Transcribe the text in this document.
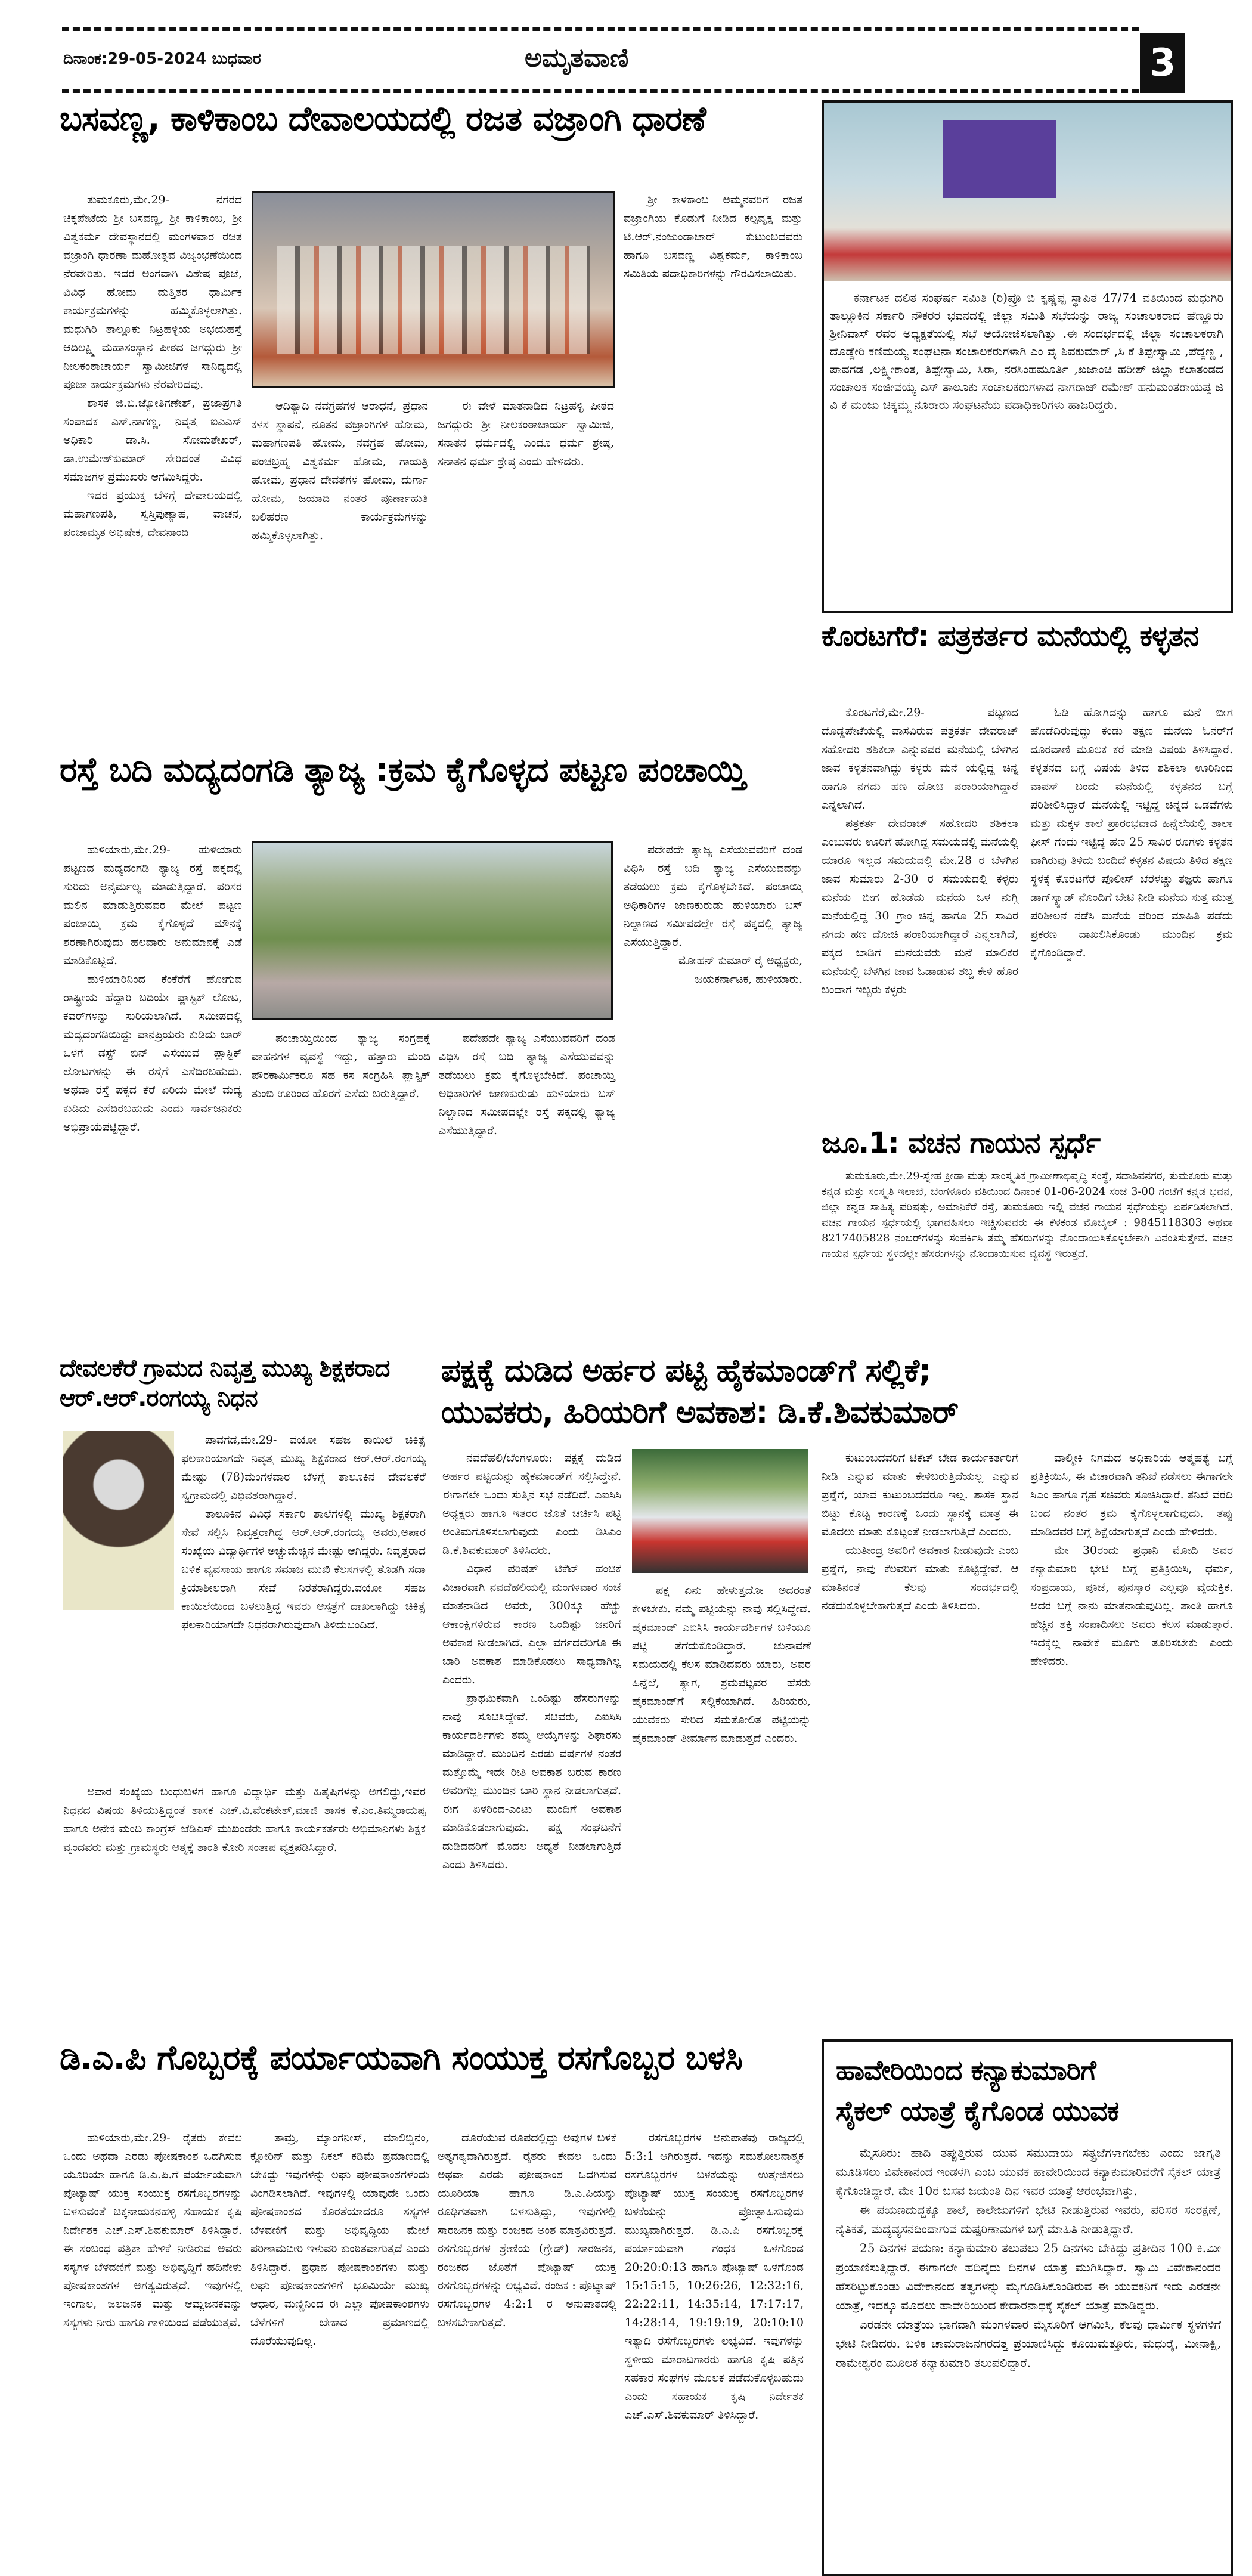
ದಿನಾಂಕ:29-05-2024 ಬುಧವಾರ	ಅಮೃತವಾಣಿ	3
ಬಸವಣ್ಣ, ಕಾಳಿಕಾಂಬ ದೇವಾಲಯದಲ್ಲಿ ರಜತ ವಜ್ರಾಂಗಿ ಧಾರಣೆ

ತುಮಕೂರು,ಮೇ.29- ನಗರದ ಚಿಕ್ಕಪೇಟೆಯ ಶ್ರೀ ಬಸವಣ್ಣ, ಶ್ರೀ ಕಾಳಿಕಾಂಬ, ಶ್ರೀ ವಿಶ್ವಕರ್ಮ ದೇವಸ್ಥಾನದಲ್ಲಿ ಮಂಗಳವಾರ ರಜತ ವಜ್ರಾಂಗಿ ಧಾರಣಾ ಮಹೋತ್ಸವ ವಿಜೃಂಭಣೆಯಿಂದ ನೆರವೇರಿತು. ಇದರ ಅಂಗವಾಗಿ ವಿಶೇಷ ಪೂಜೆ, ವಿವಿಧ ಹೋಮ ಮತ್ತಿತರ ಧಾರ್ಮಿಕ ಕಾರ್ಯಕ್ರಮಗಳನ್ನು ಹಮ್ಮಿಕೊಳ್ಳಲಾಗಿತ್ತು. ಮಧುಗಿರಿ ತಾಲ್ಲೂಕು ನಿಟ್ರಹಳ್ಳಿಯ ಅಭಯಹಸ್ತೆ ಆದಿಲಕ್ಷ್ಮಿ ಮಹಾಸಂಸ್ಥಾನ ಪೀಠದ ಜಗದ್ಗುರು ಶ್ರೀ ನೀಲಕಂಠಾಚಾರ್ಯ ಸ್ವಾಮೀಜಿಗಳ ಸಾನಿಧ್ಯದಲ್ಲಿ ಪೂಜಾ ಕಾರ್ಯಕ್ರಮಗಳು ನೆರವೇರಿದವು.

ಶಾಸಕ ಜಿ.ಬಿ.ಜ್ಯೋತಿಗಣೇಶ್, ಪ್ರಜಾಪ್ರಗತಿ ಸಂಪಾದಕ ಎಸ್.ನಾಗಣ್ಣ, ನಿವೃತ್ತ ಐಎಎಸ್ ಅಧಿಕಾರಿ ಡಾ.ಸಿ. ಸೋಮಶೇಖರ್, ಡಾ.ಉಮೇಶ್‌ಕುಮಾರ್ ಸೇರಿದಂತೆ ವಿವಿಧ ಸಮಾಜಗಳ ಪ್ರಮುಖರು ಆಗಮಿಸಿದ್ದರು.

ಇದರ ಪ್ರಯುಕ್ತ ಬೆಳಿಗ್ಗೆ ದೇವಾಲಯದಲ್ಲಿ ಮಹಾಗಣಪತಿ, ಸ್ವಸ್ತಿಪುಣ್ಯಾಹ, ವಾಚನ, ಪಂಚಾಮೃತ ಅಭಿಷೇಕ, ದೇವನಾಂದಿ

ಆದಿತ್ಯಾದಿ ನವಗ್ರಹಗಳ ಆರಾಧನೆ, ಪ್ರಧಾನ ಕಳಸ ಸ್ಥಾಪನೆ, ನೂತನ ವಜ್ರಾಂಗಿಗಳ ಹೋಮ, ಮಹಾಗಣಪತಿ ಹೋಮ, ನವಗ್ರಹ ಹೋಮ, ಪಂಚಬ್ರಹ್ಮ ವಿಶ್ವಕರ್ಮ ಹೋಮ, ಗಾಯತ್ರಿ ಹೋಮ, ಪ್ರಧಾನ ದೇವತೆಗಳ ಹೋಮ, ದುರ್ಗಾ ಹೋಮ, ಜಯಾದಿ ನಂತರ ಪೂರ್ಣಾಹುತಿ ಬಲಿಹರಣ ಕಾರ್ಯಕ್ರಮಗಳನ್ನು ಹಮ್ಮಿಕೊಳ್ಳಲಾಗಿತ್ತು.

ಈ ವೇಳೆ ಮಾತನಾಡಿದ ನಿಟ್ರಹಳ್ಳಿ ಪೀಠದ ಜಗದ್ಗುರು ಶ್ರೀ ನೀಲಕಂಠಾಚಾರ್ಯ ಸ್ವಾಮೀಜಿ, ಸನಾತನ ಧರ್ಮದಲ್ಲಿ ಎಂದೂ ಧರ್ಮ ಶ್ರೇಷ್ಠ, ಸನಾತನ ಧರ್ಮ ಶ್ರೇಷ್ಠ ಎಂದು ಹೇಳಿದರು.

ಶ್ರೀ ಕಾಳಿಕಾಂಬ ಅಮ್ಮನವರಿಗೆ ರಜತ ವಜ್ರಾಂಗಿಯ ಕೊಡುಗೆ ನೀಡಿದ ಕಲ್ಪವೃಕ್ಷ ಮತ್ತು ಟಿ.ಆರ್.ನಂಜುಂಡಾಚಾರ್ ಕುಟುಂಬದವರು ಹಾಗೂ ಬಸವಣ್ಣ ವಿಶ್ವಕರ್ಮ, ಕಾಳಿಕಾಂಬ ಸಮಿತಿಯ ಪದಾಧಿಕಾರಿಗಳನ್ನು ಗೌರವಿಸಲಾಯಿತು.

ಕರ್ನಾಟಕ ದಲಿತ ಸಂಘರ್ಷ ಸಮಿತಿ (ರಿ)ಪ್ರೊ ಬಿ ಕೃಷ್ಣಪ್ಪ ಸ್ಥಾಪಿತ 47/74 ವತಿಯಿಂದ ಮಧುಗಿರಿ ತಾಲ್ಲೂಕಿನ ಸರ್ಕಾರಿ ನೌಕರರ ಭವನದಲ್ಲಿ ಜಿಲ್ಲಾ ಸಮಿತಿ ಸಭೆಯನ್ನು ರಾಜ್ಯ ಸಂಚಾಲಕರಾದ ಹೆಣ್ಣೂರು ಶ್ರೀನಿವಾಸ್ ರವರ ಅಧ್ಯಕ್ಷತೆಯಲ್ಲಿ ಸಭೆ ಆಯೋಜಿಸಲಾಗಿತ್ತು .ಈ ಸಂದರ್ಭದಲ್ಲಿ ಜಿಲ್ಲಾ ಸಂಚಾಲಕರಾಗಿ ದೊಡ್ಡೇರಿ ಕಣಿಮಯ್ಯ ಸಂಘಟನಾ ಸಂಚಾಲಕರುಗಳಾಗಿ ಎಂ ವೈ ಶಿವಕುಮಾರ್ ,ಸಿ ಕೆ ತಿಪ್ಪೇಸ್ವಾಮಿ ,ಪೆದ್ದಣ್ಣ , ಪಾವಗಡ ,ಲಕ್ಷ್ಮೀಕಾಂತ, ತಿಪ್ಪೇಸ್ವಾಮಿ, ಸಿರಾ, ನರಸಿಂಹಮೂರ್ತಿ ,ಖಜಾಂಚಿ ಹರೀಶ್ ಜಿಲ್ಲಾ ಕಲಾತಂಡದ ಸಂಚಾಲಕ ಸಂಜೀವಯ್ಯ ಎಸ್ ತಾಲೂಕು ಸಂಚಾಲಕರುಗಳಾದ ನಾಗರಾಜ್ ರಮೇಶ್ ಹನುಮಂತರಾಯಪ್ಪ ಜಿ ವಿ ಕ ಮಂಜು ಚಿಕ್ಕಮ್ಮ ನೂರಾರು ಸಂಘಟನೆಯ ಪದಾಧಿಕಾರಿಗಳು ಹಾಜರಿದ್ದರು.

ಕೊರಟಗೆರೆ: ಪತ್ರಕರ್ತರ ಮನೆಯಲ್ಲಿ ಕಳ್ಳತನ

ಕೊರಟಗೆರೆ,ಮೇ.29- ಪಟ್ಟಣದ ದೊಡ್ಡಪೇಟೆಯಲ್ಲಿ ವಾಸವಿರುವ ಪತ್ರಕರ್ತ ದೇವರಾಜ್ ಸಹೋದರಿ ಶಶಿಕಲಾ ಎನ್ನುವವರ ಮನೆಯಲ್ಲಿ ಬೆಳಗಿನ ಜಾವ ಕಳ್ಳತನವಾಗಿದ್ದು ಕಳ್ಳರು ಮನೆ ಯಲ್ಲಿದ್ದ ಚಿನ್ನ ಹಾಗೂ ನಗದು ಹಣ ದೋಚಿ ಪರಾರಿಯಾಗಿದ್ದಾರೆ ಎನ್ನಲಾಗಿದೆ.

ಪತ್ರಕರ್ತ ದೇವರಾಜ್ ಸಹೋದರಿ ಶಶಿಕಲಾ ಎಂಬುವರು ಊರಿಗೆ ಹೋಗಿದ್ದ ಸಮಯದಲ್ಲಿ ಮನೆಯಲ್ಲಿ ಯಾರೂ ಇಲ್ಲದ ಸಮಯದಲ್ಲಿ ಮೇ.28 ರ ಬೆಳಗಿನ ಜಾವ ಸುಮಾರು 2-30 ರ ಸಮಯದಲ್ಲಿ ಕಳ್ಳರು ಮನೆಯ ಬೀಗ ಹೊಡೆದು ಮನೆಯ ಒಳ ನುಗ್ಗಿ ಮನೆಯಲ್ಲಿದ್ದ 30 ಗ್ರಾಂ ಚಿನ್ನ ಹಾಗೂ 25 ಸಾವಿರ ನಗದು ಹಣ ದೋಚಿ ಪರಾರಿಯಾಗಿದ್ದಾರೆ ಎನ್ನಲಾಗಿದೆ, ಪಕ್ಕದ ಬಾಡಿಗೆ ಮನೆಯವರು ಮನೆ ಮಾಲಿಕರ ಮನೆಯಲ್ಲಿ ಬೆಳಗಿನ ಜಾವ ಓಡಾಡುವ ಶಬ್ದ ಕೇಳಿ ಹೊರ ಬಂದಾಗ ಇಬ್ಬರು ಕಳ್ಳರು

ಓಡಿ ಹೋಗಿದನ್ನು ಹಾಗೂ ಮನೆ ಬೀಗ ಹೊಡೆದಿರುವುದ್ದು ಕಂಡು ತಕ್ಷಣ ಮನೆಯ ಓನರ್‌ಗೆ ದೂರವಾಣಿ ಮೂಲಕ ಕರೆ ಮಾಡಿ ವಿಷಯ ತಿಳಿಸಿದ್ದಾರೆ. ಕಳ್ಳತನದ ಬಗ್ಗೆ ವಿಷಯ ತಿಳಿದ ಶಶಿಕಲಾ ಊರಿನಿಂದ ವಾಪಸ್ ಬಂದು ಮನೆಯಲ್ಲಿ ಕಳ್ಳತನದ ಬಗ್ಗೆ ಪರಿಶೀಲಿಸಿದ್ದಾರೆ ಮನೆಯಲ್ಲಿ ಇಟ್ಟಿದ್ದ ಚಿನ್ನದ ಒಡವೆಗಳು ಮತ್ತು ಮಕ್ಕಳ ಶಾಲೆ ಪ್ರಾರಂಭವಾದ ಹಿನ್ನೆಲೆಯಲ್ಲಿ ಶಾಲಾ ಫೀಸ್ ಗೆಂದು ಇಟ್ಟಿದ್ದ ಹಣ 25 ಸಾವಿರ ರೂಗಳು ಕಳ್ಳತನ ವಾಗಿರುವು ತಿಳಿದು ಬಂದಿದೆ ಕಳ್ಳತನ ವಿಷಯ ತಿಳಿದ ತಕ್ಷಣ ಸ್ಥಳಕ್ಕೆ ಕೊರಟಗೆರೆ ಪೊಲೀಸ್ ಬೆರಳಚ್ಚು ತಜ್ಞರು ಹಾಗೂ ಡಾಗ್‌ಸ್ಕ್ವಾಡ್ ನೊಂದಿಗೆ ಬೇಟಿ ನೀಡಿ ಮನೆಯ ಸುತ್ತ ಮುತ್ತ ಪರಿಶೀಲನೆ ನಡೆಸಿ ಮನೆಯ ವರಿಂದ ಮಾಹಿತಿ ಪಡೆದು ಪ್ರಕರಣ ದಾಖಲಿಸಿಕೊಂಡು ಮುಂದಿನ ಕ್ರಮ ಕೈಗೊಂಡಿದ್ದಾರೆ.

ರಸ್ತೆ ಬದಿ ಮದ್ಯದಂಗಡಿ ತ್ಯಾಜ್ಯ :ಕ್ರಮ ಕೈಗೊಳ್ಳದ ಪಟ್ಟಣ ಪಂಚಾಯ್ತಿ

ಹುಳಿಯಾರು,ಮೇ.29- ಹುಳಿಯಾರು ಪಟ್ಟಣದ ಮದ್ಯದಂಗಡಿ ತ್ಯಾಜ್ಯ ರಸ್ತೆ ಪಕ್ಕದಲ್ಲಿ ಸುರಿದು ಅನೈರ್ಮಲ್ಯ ಮಾಡುತ್ತಿದ್ದಾರೆ. ಪರಿಸರ ಮಲಿನ ಮಾಡುತ್ತಿರುವವರ ಮೇಲೆ ಪಟ್ಟಣ ಪಂಚಾಯ್ತಿ ಕ್ರಮ ಕೈಗೊಳ್ಳದೆ ಮೌನಕ್ಕೆ ಶರಣಾಗಿರುವುದು ಹಲವಾರು ಅನುಮಾನಕ್ಕೆ ಎಡೆ ಮಾಡಿಕೊಟ್ಟಿದೆ.

ಹುಳಿಯಾರಿನಿಂದ ಕೆಂಕೆರೆಗೆ ಹೋಗುವ ರಾಷ್ಟ್ರೀಯ ಹೆದ್ದಾರಿ ಬದಿಯೇ ಪ್ಲಾಸ್ಟಿಕ್ ಲೋಟ, ಕವರ್‌ಗಳನ್ನು ಸುರಿಯಲಾಗಿದೆ. ಸಮೀಪದಲ್ಲಿ ಮದ್ಯದಂಗಡಿಯಿದ್ದು ಪಾನಪ್ರಿಯರು ಕುಡಿದು ಬಾರ್ ಒಳಗೆ ಡಸ್ಟ್ ಬಿನ್ ಎಸೆಯುವ ಪ್ಲಾಸ್ಟಿಕ್ ಲೋಟಗಳನ್ನು ಈ ರಸ್ತೆಗೆ ಎಸೆದಿರಬಹುದು. ಅಥವಾ ರಸ್ತೆ ಪಕ್ಕದ ಕೆರೆ ಏರಿಯ ಮೇಲೆ ಮದ್ಯ ಕುಡಿದು ಎಸೆದಿರಬಹುದು ಎಂದು ಸಾರ್ವಜನಿಕರು ಅಭಿಪ್ರಾಯಪಟ್ಟಿದ್ದಾರೆ.

ಪಂಚಾಯ್ತಿಯಿಂದ ತ್ಯಾಜ್ಯ ಸಂಗ್ರಹಕ್ಕೆ ವಾಹನಗಳ ವ್ಯವಸ್ಥೆ ಇದ್ದು, ಹತ್ತಾರು ಮಂದಿ ಪೌರಕಾರ್ಮಿಕರೂ ಸಹ ಕಸ ಸಂಗ್ರಹಿಸಿ ಪ್ಲಾಸ್ಟಿಕ್ ತುಂಬಿ ಊರಿಂದ ಹೊರಗೆ ಎಸೆದು ಬರುತ್ತಿದ್ದಾರೆ.

ಪದೇಪದೇ ತ್ಯಾಜ್ಯ ಎಸೆಯುವವರಿಗೆ ದಂಡ ವಿಧಿಸಿ ರಸ್ತೆ ಬದಿ ತ್ಯಾಜ್ಯ ಎಸೆಯುವವನ್ನು ತಡೆಯಲು ಕ್ರಮ ಕೈಗೊಳ್ಳಬೇಕಿದೆ. ಪಂಚಾಯ್ತಿ ಅಧಿಕಾರಿಗಳ ಜಾಣಕುರುಡು ಹುಳಿಯಾರು ಬಸ್ ನಿಲ್ದಾಣದ ಸಮೀಪದಲ್ಲೇ ರಸ್ತೆ ಪಕ್ಕದಲ್ಲಿ ತ್ಯಾಜ್ಯ ಎಸೆಯುತ್ತಿದ್ದಾರೆ.

ಪದೇಪದೇ ತ್ಯಾಜ್ಯ ಎಸೆಯುವವರಿಗೆ ದಂಡ ವಿಧಿಸಿ ರಸ್ತೆ ಬದಿ ತ್ಯಾಜ್ಯ ಎಸೆಯುವವನ್ನು ತಡೆಯಲು ಕ್ರಮ ಕೈಗೊಳ್ಳಬೇಕಿದೆ. ಪಂಚಾಯ್ತಿ ಅಧಿಕಾರಿಗಳ ಜಾಣಕುರುಡು ಹುಳಿಯಾರು ಬಸ್ ನಿಲ್ದಾಣದ ಸಮೀಪದಲ್ಲೇ ರಸ್ತೆ ಪಕ್ಕದಲ್ಲಿ ತ್ಯಾಜ್ಯ ಎಸೆಯುತ್ತಿದ್ದಾರೆ.

ಮೋಹನ್ ಕುಮಾರ್ ರೈ ಅಧ್ಯಕ್ಷರು, ಜಯಕರ್ನಾಟಕ, ಹುಳಿಯಾರು.

ಜೂ.1: ವಚನ ಗಾಯನ ಸ್ಪರ್ಧೆ

ತುಮಕೂರು,ಮೇ.29-ಸ್ನೇಹ ಕ್ರೀಡಾ ಮತ್ತು ಸಾಂಸ್ಕೃತಿಕ ಗ್ರಾಮೀಣಾಭಿವೃದ್ಧಿ ಸಂಸ್ಥೆ, ಸದಾಶಿವನಗರ, ತುಮಕೂರು ಮತ್ತು ಕನ್ನಡ ಮತ್ತು ಸಂಸ್ಕೃತಿ ಇಲಾಖೆ, ಬೆಂಗಳೂರು ವತಿಯಿಂದ ದಿನಾಂಕ 01-06-2024 ಸಂಜೆ 3-00 ಗಂಟೆಗೆ ಕನ್ನಡ ಭವನ, ಜಿಲ್ಲಾ ಕನ್ನಡ ಸಾಹಿತ್ಯ ಪರಿಷತ್ತು, ಅಮಾನಿಕೆರೆ ರಸ್ತೆ, ತುಮಕೂರು ಇಲ್ಲಿ ವಚನ ಗಾಯನ ಸ್ಪರ್ಧೆಯನ್ನು ಏರ್ಪಡಿಸಲಾಗಿದೆ. ವಚನ ಗಾಯನ ಸ್ಪರ್ಧೆಯಲ್ಲಿ ಭಾಗವಹಿಸಲು ಇಚ್ಚಿಸುವವರು ಈ ಕೆಳಕಂಡ ಮೊಬೈಲ್ : 9845118303 ಅಥವಾ 8217405828 ನಂಬರ್‌ಗಳನ್ನು ಸಂಪರ್ಕಿಸಿ ತಮ್ಮ ಹೆಸರುಗಳನ್ನು ನೊಂದಾಯಿಸಿಕೊಳ್ಳಬೇಕಾಗಿ ವಿನಂತಿಸುತ್ತೇವೆ. ವಚನ ಗಾಯನ ಸ್ಪರ್ಧೆಯ ಸ್ಥಳದಲ್ಲೇ ಹೆಸರುಗಳನ್ನು ನೊಂದಾಯಿಸುವ ವ್ಯವಸ್ಥೆ ಇರುತ್ತದೆ.

ದೇವಲಕೆರೆ ಗ್ರಾಮದ ನಿವೃತ್ತ ಮುಖ್ಯ ಶಿಕ್ಷಕರಾದ ಆರ್.ಆರ್.ರಂಗಯ್ಯ ನಿಧನ

ಪಾವಗಡ,ಮೇ.29- ವಯೋ ಸಹಜ ಕಾಯಿಲೆ ಚಿಕಿತ್ಸೆ ಫಲಕಾರಿಯಾಗದೇ ನಿವೃತ್ತ ಮುಖ್ಯ ಶಿಕ್ಷಕರಾದ ಆರ್.ಆರ್.ರಂಗಯ್ಯ ಮೇಷ್ಟು (78)ಮಂಗಳವಾರ ಬೆಳಗ್ಗೆ ತಾಲೂಕಿನ ದೇವಲಕೆರೆ ಸ್ವಗ್ರಾಮದಲ್ಲಿ ವಿಧಿವಶರಾಗಿದ್ದಾರೆ.

ತಾಲೂಕಿನ ವಿವಿಧ ಸರ್ಕಾರಿ ಶಾಲೆಗಳಲ್ಲಿ ಮುಖ್ಯ ಶಿಕ್ಷಕರಾಗಿ ಸೇವೆ ಸಲ್ಲಿಸಿ ನಿವೃತ್ತರಾಗಿದ್ದ ಆರ್.ಆರ್.ರಂಗಯ್ಯ ಅವರು,ಅಪಾರ ಸಂಖ್ಯೆಯ ವಿದ್ಯಾರ್ಥಿಗಳ ಅಚ್ಚುಮೆಚ್ಚಿನ ಮೇಷ್ಟು ಆಗಿದ್ದರು. ನಿವೃತ್ತರಾದ ಬಳಿಕ ವ್ಯವಸಾಯ ಹಾಗೂ ಸಮಾಜ ಮುಖಿ ಕೆಲಸಗಳಲ್ಲಿ ತೊಡಗಿ ಸದಾ ಕ್ರಿಯಾಶೀಲರಾಗಿ ಸೇವೆ ನಿರತರಾಗಿದ್ದರು.ವಯೋ ಸಹಜ ಕಾಯಿಲೆಯಿಂದ ಬಳಲುತ್ತಿದ್ದ ಇವರು ಆಸ್ಪತ್ರೆಗೆ ದಾಖಲಾಗಿದ್ದು ಚಿಕಿತ್ಸೆ ಫಲಕಾರಿಯಾಗದೇ ನಿಧನರಾಗಿರುವುದಾಗಿ ತಿಳಿದುಬಂದಿದೆ.

ಅಪಾರ ಸಂಖ್ಯೆಯ ಬಂಧುಬಳಗ ಹಾಗೂ ವಿದ್ಯಾರ್ಥಿ ಮತ್ತು ಹಿತೈಷಿಗಳನ್ನು ಅಗಲಿದ್ದು,ಇವರ ನಿಧನದ ವಿಷಯ ತಿಳಿಯುತ್ತಿದ್ದಂತೆ ಶಾಸಕ ಎಚ್.ವಿ.ವೆಂಕಟೇಶ್,ಮಾಜಿ ಶಾಸಕ ಕೆ.ಎಂ.ತಿಮ್ಮರಾಯಪ್ಪ ಹಾಗೂ ಅನೇಕ ಮಂದಿ ಕಾಂಗ್ರೆಸ್ ಜೆಡಿಎಸ್ ಮುಖಂಡರು ಹಾಗೂ ಕಾರ್ಯಕರ್ತರು ಅಭಿಮಾನಿಗಳು ಶಿಕ್ಷಕ ವೃಂದವರು ಮತ್ತು ಗ್ರಾಮಸ್ಥರು ಆತ್ಮಕ್ಕೆ ಶಾಂತಿ ಕೋರಿ ಸಂತಾಪ ವ್ಯಕ್ತಪಡಿಸಿದ್ದಾರೆ.

ಪಕ್ಷಕ್ಕೆ ದುಡಿದ ಅರ್ಹರ ಪಟ್ಟಿ ಹೈಕಮಾಂಡ್‌ಗೆ ಸಲ್ಲಿಕೆ;
ಯುವಕರು, ಹಿರಿಯರಿಗೆ ಅವಕಾಶ: ಡಿ.ಕೆ.ಶಿವಕುಮಾರ್

ನವದೆಹಲಿ/ಬೆಂಗಳೂರು: ಪಕ್ಷಕ್ಕೆ ದುಡಿದ ಅರ್ಹರ ಪಟ್ಟಿಯನ್ನು ಹೈಕಮಾಂಡ್‌ಗೆ ಸಲ್ಲಿಸಿದ್ದೇನೆ. ಈಗಾಗಲೇ ಒಂದು ಸುತ್ತಿನ ಸಭೆ ನಡೆದಿದೆ. ಎಐಸಿಸಿ ಅಧ್ಯಕ್ಷರು ಹಾಗೂ ಇತರರ ಜೊತೆ ಚರ್ಚಿಸಿ ಪಟ್ಟಿ ಅಂತಿಮಗೊಳಿಸಲಾಗುವುದು ಎಂದು ಡಿಸಿಎಂ ಡಿ.ಕೆ.ಶಿವಕುಮಾರ್ ತಿಳಿಸಿದರು.

ವಿಧಾನ ಪರಿಷತ್ ಟಿಕೆಟ್ ಹಂಚಿಕೆ ವಿಚಾರವಾಗಿ ನವದೆಹಲಿಯಲ್ಲಿ ಮಂಗಳವಾರ ಸಂಜೆ ಮಾತನಾಡಿದ ಅವರು, 300ಕ್ಕೂ ಹೆಚ್ಚು ಆಕಾಂಕ್ಷಿಗಳಿರುವ ಕಾರಣ ಒಂದಿಷ್ಟು ಜನರಿಗೆ ಅವಕಾಶ ನೀಡಲಾಗಿದೆ. ಎಲ್ಲಾ ವರ್ಗದವರಿಗೂ ಈ ಬಾರಿ ಅವಕಾಶ ಮಾಡಿಕೊಡಲು ಸಾಧ್ಯವಾಗಿಲ್ಲ ಎಂದರು.

ಪ್ರಾಥಮಿಕವಾಗಿ ಒಂದಿಷ್ಟು ಹೆಸರುಗಳನ್ನು ನಾವು ಸೂಚಿಸಿದ್ದೇವೆ. ಸಚಿವರು, ಎಐಸಿಸಿ ಕಾರ್ಯದರ್ಶಿಗಳು ತಮ್ಮ ಆಯ್ಕೆಗಳನ್ನು ಶಿಫಾರಸು ಮಾಡಿದ್ದಾರೆ. ಮುಂದಿನ ಎರಡು ವರ್ಷಗಳ ನಂತರ ಮತ್ತೊಮ್ಮೆ ಇದೇ ರೀತಿ ಅವಕಾಶ ಬರುವ ಕಾರಣ ಅವರಿಗೆಲ್ಲ ಮುಂದಿನ ಬಾರಿ ಸ್ಥಾನ ನೀಡಲಾಗುತ್ತದೆ. ಈಗ ಏಳರಿಂದ-ಎಂಟು ಮಂದಿಗೆ ಅವಕಾಶ ಮಾಡಿಕೊಡಲಾಗುವುದು. ಪಕ್ಷ ಸಂಘಟನೆಗೆ ದುಡಿದವರಿಗೆ ಮೊದಲ ಆದ್ಯತೆ ನೀಡಲಾಗುತ್ತಿದೆ ಎಂದು ತಿಳಿಸಿದರು.

ಪಕ್ಷ ಏನು ಹೇಳುತ್ತದೋ ಅದರಂತೆ ಕೇಳಬೇಕು. ನಮ್ಮ ಪಟ್ಟಿಯನ್ನು ನಾವು ಸಲ್ಲಿಸಿದ್ದೇವೆ. ಹೈಕಮಾಂಡ್ ಎಐಸಿಸಿ ಕಾರ್ಯದರ್ಶಿಗಳ ಬಳಿಯೂ ಪಟ್ಟಿ ತೆಗೆದುಕೊಂಡಿದ್ದಾರೆ. ಚುನಾವಣೆ ಸಮಯದಲ್ಲಿ ಕೆಲಸ ಮಾಡಿದವರು ಯಾರು, ಅವರ ಹಿನ್ನೆಲೆ, ತ್ಯಾಗ, ಶ್ರಮಪಟ್ಟವರ ಹೆಸರು ಹೈಕಮಾಂಡ್‌ಗೆ ಸಲ್ಲಿಕೆಯಾಗಿದೆ. ಹಿರಿಯರು, ಯುವಕರು ಸೇರಿದ ಸಮತೋಲಿತ ಪಟ್ಟಿಯನ್ನು ಹೈಕಮಾಂಡ್ ತೀರ್ಮಾನ ಮಾಡುತ್ತದೆ ಎಂದರು.

ಕುಟುಂಬದವರಿಗೆ ಟಿಕೆಟ್ ಬೇಡ ಕಾರ್ಯಕರ್ತರಿಗೆ ನೀಡಿ ಎನ್ನುವ ಮಾತು ಕೇಳಿಬರುತ್ತಿದೆಯಲ್ಲ ಎನ್ನುವ ಪ್ರಶ್ನೆಗೆ, ಯಾವ ಕುಟುಂಬದವರೂ ಇಲ್ಲ. ಶಾಸಕ ಸ್ಥಾನ ಬಿಟ್ಟು ಕೊಟ್ಟ ಕಾರಣಕ್ಕೆ ಒಂದು ಸ್ಥಾನಕ್ಕೆ ಮಾತ್ರ ಈ ಮೊದಲು ಮಾತು ಕೊಟ್ಟಂತೆ ನೀಡಲಾಗುತ್ತಿದೆ ಎಂದರು.

ಯುತೀಂದ್ರ ಅವರಿಗೆ ಅವಕಾಶ ನೀಡುವುದೇ ಎಂಬ ಪ್ರಶ್ನೆಗೆ, ನಾವು ಕೆಲವರಿಗೆ ಮಾತು ಕೊಟ್ಟಿದ್ದೇವೆ. ಆ ಮಾತಿನಂತೆ ಕೆಲವು ಸಂದರ್ಭದಲ್ಲಿ ನಡೆದುಕೊಳ್ಳಬೇಕಾಗುತ್ತದೆ ಎಂದು ತಿಳಿಸಿದರು.

ವಾಲ್ಮೀಕಿ ನಿಗಮದ ಅಧಿಕಾರಿಯ ಆತ್ಮಹತ್ಯೆ ಬಗ್ಗೆ ಪ್ರತಿಕ್ರಿಯಿಸಿ, ಈ ವಿಚಾರವಾಗಿ ತನಿಖೆ ನಡೆಸಲು ಈಗಾಗಲೇ ಸಿಎಂ ಹಾಗೂ ಗೃಹ ಸಚಿವರು ಸೂಚಿಸಿದ್ದಾರೆ. ತನಿಖೆ ವರದಿ ಬಂದ ನಂತರ ಕ್ರಮ ಕೈಗೊಳ್ಳಲಾಗುವುದು. ತಪ್ಪು ಮಾಡಿದವರ ಬಗ್ಗೆ ಶಿಕ್ಷೆಯಾಗುತ್ತದೆ ಎಂದು ಹೇಳಿದರು.

ಮೇ 30ರಂದು ಪ್ರಧಾನಿ ಮೋದಿ ಅವರ ಕನ್ಯಾಕುಮಾರಿ ಭೇಟಿ ಬಗ್ಗೆ ಪ್ರತಿಕ್ರಿಯಿಸಿ, ಧರ್ಮ, ಸಂಪ್ರದಾಯ, ಪೂಜೆ, ಪುನಸ್ಕಾರ ಎಲ್ಲವೂ ವೈಯಕ್ತಿಕ. ಅದರ ಬಗ್ಗೆ ನಾನು ಮಾತನಾಡುವುದಿಲ್ಲ. ಶಾಂತಿ ಹಾಗೂ ಹೆಚ್ಚಿನ ಶಕ್ತಿ ಸಂಪಾದಿಸಲು ಅವರು ಕೆಲಸ ಮಾಡುತ್ತಾರೆ. ಇದಕ್ಕೆಲ್ಲ ನಾವೇಕೆ ಮೂಗು ತೂರಿಸಬೇಕು ಎಂದು ಹೇಳಿದರು.

ಡಿ.ಎ.ಪಿ ಗೊಬ್ಬರಕ್ಕೆ ಪರ್ಯಾಯವಾಗಿ ಸಂಯುಕ್ತ ರಸಗೊಬ್ಬರ ಬಳಸಿ

ಹುಳಿಯಾರು,ಮೇ.29- ರೈತರು ಕೇವಲ ಒಂದು ಅಥವಾ ಎರಡು ಪೋಷಕಾಂಶ ಒದಗಿಸುವ ಯೂರಿಯಾ ಹಾಗೂ ಡಿ.ಎ.ಪಿ.ಗೆ ಪರ್ಯಾಯವಾಗಿ ಪೊಟ್ಯಾಷ್ ಯುಕ್ತ ಸಂಯುಕ್ತ ರಸಗೊಬ್ಬರಗಳನ್ನು ಬಳಸುವಂತೆ ಚಿಕ್ಕನಾಯಕನಹಳ್ಳಿ ಸಹಾಯಕ ಕೃಷಿ ನಿರ್ದೇಶಕ ಎಚ್.ಎಸ್.ಶಿವಕುಮಾರ್ ತಿಳಿಸಿದ್ದಾರೆ. ಈ ಸಂಬಂಧ ಪತ್ರಿಕಾ ಹೇಳಿಕೆ ನೀಡಿರುವ ಅವರು ಸಸ್ಯಗಳ ಬೆಳವಣಿಗೆ ಮತ್ತು ಅಭಿವೃದ್ಧಿಗೆ ಹದಿನೇಳು ಪೋಷಕಾಂಶಗಳ ಅಗತ್ಯವಿರುತ್ತದೆ. ಇವುಗಳಲ್ಲಿ ಇಂಗಾಲ, ಜಲಜನಕ ಮತ್ತು ಆಮ್ಲಜನಕವನ್ನು ಸಸ್ಯಗಳು ನೀರು ಹಾಗೂ ಗಾಳಿಯಿಂದ ಪಡೆಯುತ್ತವೆ.

ತಾಮ್ರ, ಮ್ಯಾಂಗನೀಸ್, ಮಾಲಿಬ್ಡಿನಂ, ಕ್ಲೋರಿನ್ ಮತ್ತು ನಿಕಲ್ ಕಡಿಮೆ ಪ್ರಮಾಣದಲ್ಲಿ ಬೇಕಿದ್ದು ಇವುಗಳನ್ನು ಲಘು ಪೋಷಕಾಂಶಗಳೆಂದು ವಿಂಗಡಿಸಲಾಗಿದೆ. ಇವುಗಳಲ್ಲಿ ಯಾವುದೇ ಒಂದು ಪೋಷಕಾಂಶದ ಕೊರತೆಯಾದರೂ ಸಸ್ಯಗಳ ಬೆಳವಣಿಗೆ ಮತ್ತು ಅಭಿವೃದ್ಧಿಯ ಮೇಲೆ ಪರಿಣಾಮಬೀರಿ ಇಳುವರಿ ಕುಂಠಿತವಾಗುತ್ತದೆ ಎಂದು ತಿಳಿಸಿದ್ದಾರೆ. ಪ್ರಧಾನ ಪೋಷಕಾಂಶಗಳು ಮತ್ತು ಲಘು ಪೋಷಕಾಂಶಗಳಿಗೆ ಭೂಮಿಯೇ ಮುಖ್ಯ ಆಧಾರ, ಮಣ್ಣಿನಿಂದ ಈ ಎಲ್ಲಾ ಪೋಷಕಾಂಶಗಳು ಬೆಳೆಗಳಿಗೆ ಬೇಕಾದ ಪ್ರಮಾಣದಲ್ಲಿ ದೊರೆಯುವುದಿಲ್ಲ.

ದೊರೆಯುವ ರೂಪದಲ್ಲಿದ್ದು ಅವುಗಳ ಬಳಕೆ ಅತ್ಯಗತ್ಯವಾಗಿರುತ್ತದೆ. ರೈತರು ಕೇವಲ ಒಂದು ಅಥವಾ ಎರಡು ಪೋಷಕಾಂಶ ಒದಗಿಸುವ ಯೂರಿಯಾ ಹಾಗೂ ಡಿ.ಎ.ಪಿಯನ್ನು ರೂಢಿಗತವಾಗಿ ಬಳಸುತ್ತಿದ್ದು, ಇವುಗಳಲ್ಲಿ ಸಾರಜನಕ ಮತ್ತು ರಂಜಕದ ಅಂಶ ಮಾತ್ರವಿರುತ್ತದೆ. ರಸಗೊಬ್ಬರಗಳ ಶ್ರೇಣಿಯ (ಗ್ರೇಡ್) ಸಾರಜನಕ, ರಂಜಕದ ಜೊತೆಗೆ ಪೊಟ್ಯಾಷ್ ಯುಕ್ತ ರಸಗೊಬ್ಬರಗಳನ್ನು ಲಭ್ಯವಿವೆ. ರಂಜಕ : ಪೊಟ್ಯಾಷ್ ರಸಗೊಬ್ಬರಗಳ 4:2:1 ರ ಅನುಪಾತದಲ್ಲಿ ಬಳಸಬೇಕಾಗುತ್ತದೆ.

ರಸಗೊಬ್ಬರಗಳ ಅನುಪಾತವು ರಾಜ್ಯದಲ್ಲಿ 5:3:1 ಆಗಿರುತ್ತದೆ. ಇದನ್ನು ಸಮತೋಲನಾತ್ಮಕ ರಸಗೊಬ್ಬರಗಳ ಬಳಕೆಯನ್ನು ಉತ್ತೇಜಿಸಲು ಪೊಟ್ಯಾಷ್ ಯುಕ್ತ ಸಂಯುಕ್ತ ರಸಗೊಬ್ಬರಗಳ ಬಳಕೆಯನ್ನು ಪ್ರೋತ್ಸಾಹಿಸುವುದು ಮುಖ್ಯವಾಗಿರುತ್ತದೆ. ಡಿ.ಎ.ಪಿ ರಸಗೊಬ್ಬರಕ್ಕೆ ಪರ್ಯಾಯವಾಗಿ ಗಂಧಕ ಒಳಗೊಂಡ 20:20:0:13 ಹಾಗೂ ಪೊಟ್ಯಾಷ್ ಒಳಗೊಂಡ 15:15:15, 10:26:26, 12:32:16, 22:22:11, 14:35:14, 17:17:17, 14:28:14, 19:19:19, 20:10:10 ಇತ್ಯಾದಿ ರಸಗೊಬ್ಬರಗಳು ಲಭ್ಯವಿವೆ. ಇವುಗಳನ್ನು ಸ್ಥಳೀಯ ಮಾರಾಟಗಾರರು ಹಾಗೂ ಕೃಷಿ ಪತ್ತಿನ ಸಹಕಾರ ಸಂಘಗಳ ಮೂಲಕ ಪಡೆದುಕೊಳ್ಳಬಹುದು ಎಂದು ಸಹಾಯಕ ಕೃಷಿ ನಿರ್ದೇಶಕ ಎಚ್.ಎಸ್.ಶಿವಕುಮಾರ್ ತಿಳಿಸಿದ್ದಾರೆ.

ಹಾವೇರಿಯಿಂದ ಕನ್ಯಾಕುಮಾರಿಗೆ
ಸೈಕಲ್ ಯಾತ್ರೆ ಕೈಗೊಂಡ ಯುವಕ

ಮೈಸೂರು: ಹಾದಿ ತಪ್ಪುತ್ತಿರುವ ಯುವ ಸಮುದಾಯ ಸತ್ಪ್ರಜೆಗಳಾಗಬೇಕು ಎಂದು ಜಾಗೃತಿ ಮೂಡಿಸಲು ವಿವೇಕಾನಂದ ಇಂಡಳಗಿ ಎಂಬ ಯುವಕ ಹಾವೇರಿಯಿಂದ ಕನ್ಯಾಕುಮಾರಿವರೆಗೆ ಸೈಕಲ್ ಯಾತ್ರೆ ಕೈಗೊಂಡಿದ್ದಾರೆ. ಮೇ 10ರ ಬಸವ ಜಯಂತಿ ದಿನ ಇವರ ಯಾತ್ರೆ ಆರಂಭವಾಗಿತ್ತು.

ಈ ಪಯಣದುದ್ದಕ್ಕೂ ಶಾಲೆ, ಕಾಲೇಜುಗಳಿಗೆ ಭೇಟಿ ನೀಡುತ್ತಿರುವ ಇವರು, ಪರಿಸರ ಸಂರಕ್ಷಣೆ, ನೈತಿಕತೆ, ಮದ್ಯವ್ಯಸನದಿಂದಾಗುವ ದುಷ್ಪರಿಣಾಮಗಳ ಬಗ್ಗೆ ಮಾಹಿತಿ ನೀಡುತ್ತಿದ್ದಾರೆ.

25 ದಿನಗಳ ಪಯಣ: ಕನ್ಯಾಕುಮಾರಿ ತಲುಪಲು 25 ದಿನಗಳು ಬೇಕಿದ್ದು ಪ್ರತೀದಿನ 100 ಕಿ.ಮೀ ಪ್ರಯಾಣಿಸುತ್ತಿದ್ದಾರೆ. ಈಗಾಗಲೇ ಹದಿನೈದು ದಿನಗಳ ಯಾತ್ರೆ ಮುಗಿಸಿದ್ದಾರೆ. ಸ್ವಾಮಿ ವಿವೇಕಾನಂದರ ಹೆಸರಿಟ್ಟುಕೊಂಡು ವಿವೇಕಾನಂದ ತತ್ವಗಳನ್ನು ಮೈಗೂಡಿಸಿಕೊಂಡಿರುವ ಈ ಯುವಕನಿಗೆ ಇದು ಎರಡನೇ ಯಾತ್ರೆ, ಇದಕ್ಕೂ ಮೊದಲು ಹಾವೇರಿಯಿಂದ ಕೇದಾರನಾಥಕ್ಕೆ ಸೈಕಲ್ ಯಾತ್ರೆ ಮಾಡಿದ್ದರು.

ಎರಡನೇ ಯಾತ್ರೆಯ ಭಾಗವಾಗಿ ಮಂಗಳವಾರ ಮೈಸೂರಿಗೆ ಆಗಮಿಸಿ, ಕೆಲವು ಧಾರ್ಮಿಕ ಸ್ಥಳಗಳಿಗೆ ಭೇಟಿ ನೀಡಿದರು. ಬಳಿಕ ಚಾಮರಾಜನಗರದತ್ತ ಪ್ರಯಾಣಿಸಿದ್ದು ಕೊಯಮತ್ತೂರು, ಮಧುರೈ, ಮೀನಾಕ್ಷಿ, ರಾಮೇಶ್ವರಂ ಮೂಲಕ ಕನ್ಯಾಕುಮಾರಿ ತಲುಪಲಿದ್ದಾರೆ.
